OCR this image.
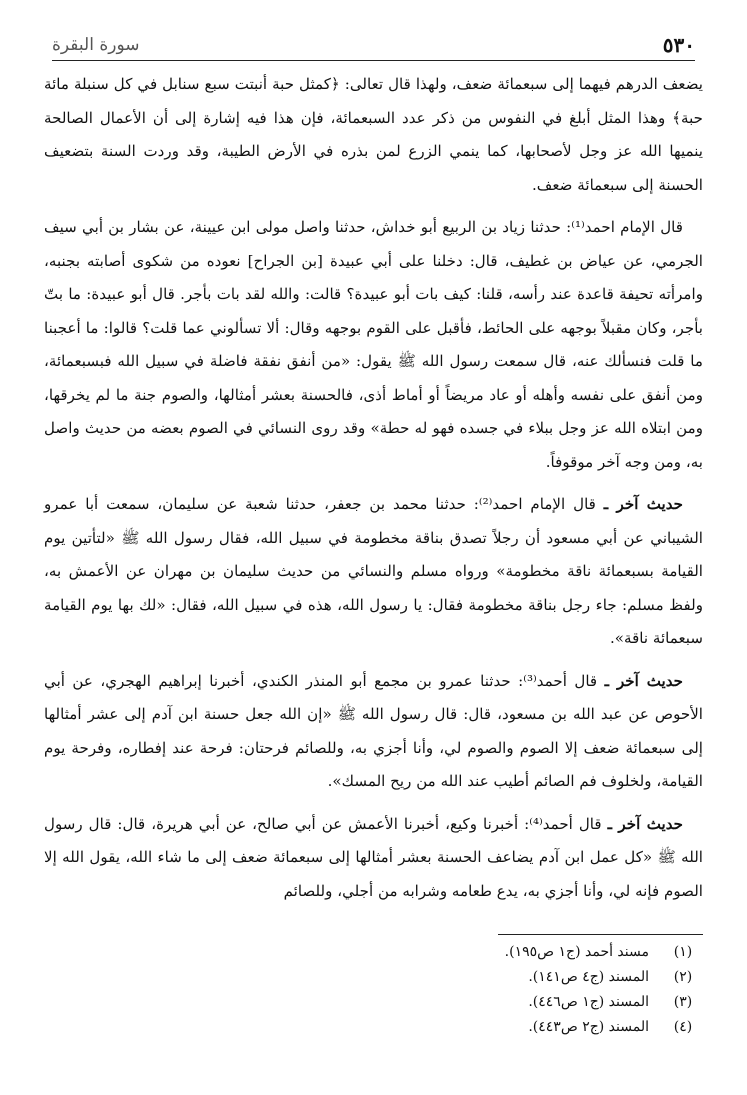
٥٣٠
سورة البقرة

يضعف الدرهم فيهما إلى سبعمائة ضعف، ولهذا قال تعالى: ﴿كمثل حبة أنبتت سبع سنابل في كل سنبلة مائة حبة﴾ وهذا المثل أبلغ في النفوس من ذكر عدد السبعمائة، فإن هذا فيه إشارة إلى أن الأعمال الصالحة ينميها الله عز وجل لأصحابها، كما ينمي الزرع لمن بذره في الأرض الطيبة، وقد وردت السنة بتضعيف الحسنة إلى سبعمائة ضعف.

قال الإمام احمد⁽¹⁾: حدثنا زياد بن الربيع أبو خداش، حدثنا واصل مولى ابن عيينة، عن بشار بن أبي سيف الجرمي، عن عياض بن غطيف، قال: دخلنا على أبي عبيدة [بن الجراح] نعوده من شكوى أصابته بجنبه، وامرأته تحيفة قاعدة عند رأسه، قلنا: كيف بات أبو عبيدة؟ قالت: والله لقد بات بأجر. قال أبو عبيدة: ما بتّ بأجر، وكان مقبلاً بوجهه على الحائط، فأقبل على القوم بوجهه وقال: ألا تسألوني عما قلت؟ قالوا: ما أعجبنا ما قلت فنسألك عنه، قال سمعت رسول الله ﷺ يقول: «من أنفق نفقة فاضلة في سبيل الله فبسبعمائة، ومن أنفق على نفسه وأهله أو عاد مريضاً أو أماط أذى، فالحسنة بعشر أمثالها، والصوم جنة ما لم يخرقها، ومن ابتلاه الله عز وجل ببلاء في جسده فهو له حطة» وقد روى النسائي في الصوم بعضه من حديث واصل به، ومن وجه آخر موقوفاً.

حديث آخر ـ قال الإمام احمد⁽²⁾: حدثنا محمد بن جعفر، حدثنا شعبة عن سليمان، سمعت أبا عمرو الشيباني عن أبي مسعود أن رجلاً تصدق بناقة مخطومة في سبيل الله، فقال رسول الله ﷺ «لتأتين يوم القيامة بسبعمائة ناقة مخطومة» ورواه مسلم والنسائي من حديث سليمان بن مهران عن الأعمش به، ولفظ مسلم: جاء رجل بناقة مخطومة فقال: يا رسول الله، هذه في سبيل الله، فقال: «لك بها يوم القيامة سبعمائة ناقة».

حديث آخر ـ قال أحمد⁽³⁾: حدثنا عمرو بن مجمع أبو المنذر الكندي، أخبرنا إبراهيم الهجري، عن أبي الأحوص عن عبد الله بن مسعود، قال: قال رسول الله ﷺ «إن الله جعل حسنة ابن آدم إلى عشر أمثالها إلى سبعمائة ضعف إلا الصوم والصوم لي، وأنا أجزي به، وللصائم فرحتان: فرحة عند إفطاره، وفرحة يوم القيامة، ولخلوف فم الصائم أطيب عند الله من ريح المسك».

حديث آخر ـ قال أحمد⁽⁴⁾: أخبرنا وكيع، أخبرنا الأعمش عن أبي صالح، عن أبي هريرة، قال: قال رسول الله ﷺ «كل عمل ابن آدم يضاعف الحسنة بعشر أمثالها إلى سبعمائة ضعف إلى ما شاء الله، يقول الله إلا الصوم فإنه لي، وأنا أجزي به، يدع طعامه وشرابه من أجلي، وللصائم

(١)
مسند أحمد (ج١ ص١٩٥).
(٢)
المسند (ج٤ ص١٤١).
(٣)
المسند (ج١ ص٤٤٦).
(٤)
المسند (ج٢ ص٤٤٣).
